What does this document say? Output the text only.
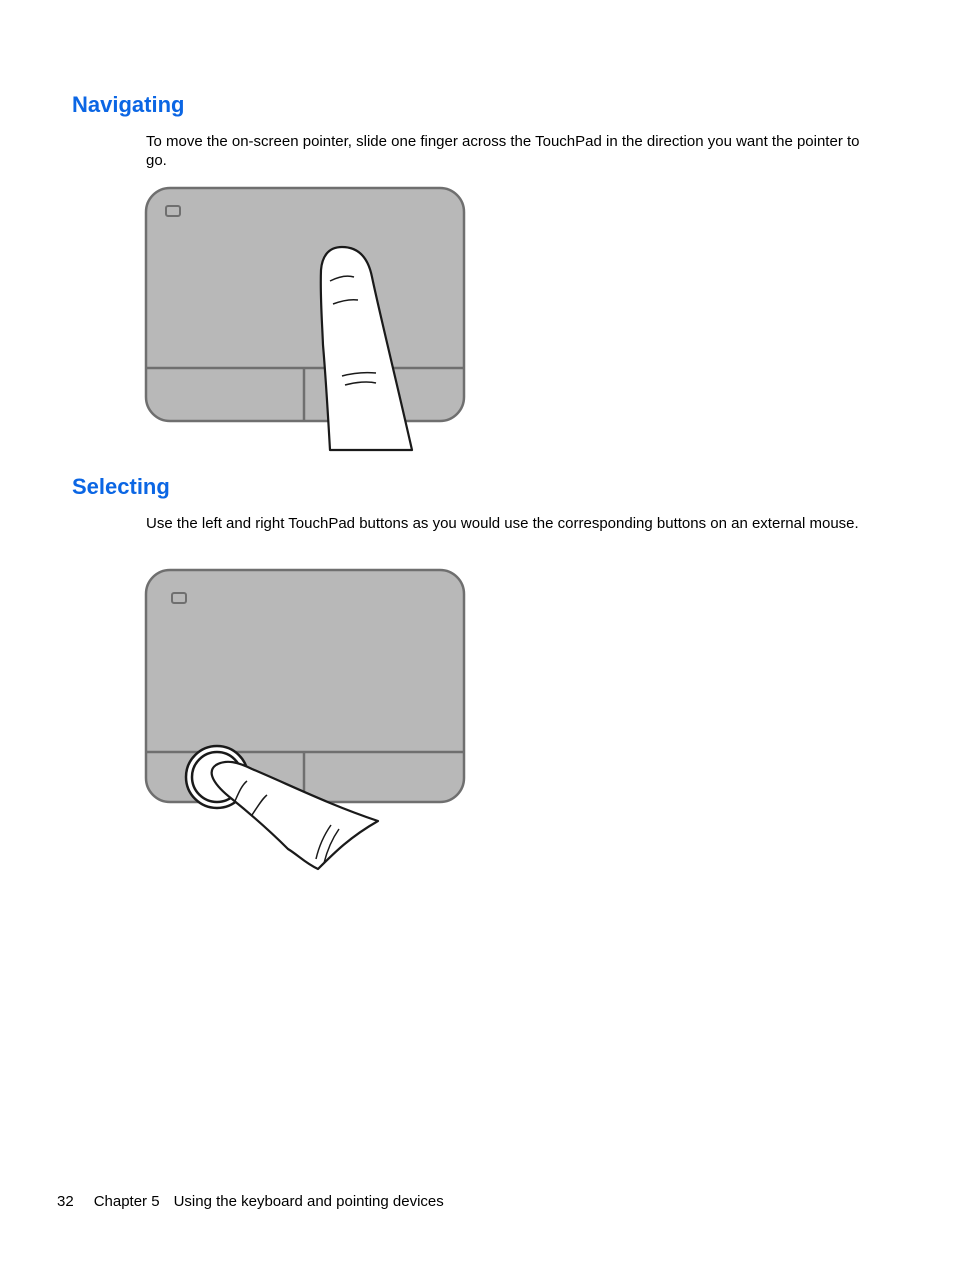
Navigating

To move the on-screen pointer, slide one finger across the TouchPad in the direction you want the pointer to go.

Selecting

Use the left and right TouchPad buttons as you would use the corresponding buttons on an external mouse.

32 Chapter 5 Using the keyboard and pointing devices
